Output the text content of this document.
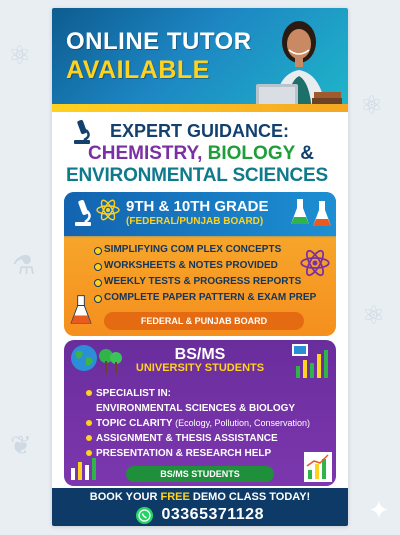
⚛
⚛
⚗
⚛
❦
✦
ONLINE TUTOR
AVAILABLE
EXPERT GUIDANCE:
CHEMISTRY, BIOLOGY &
ENVIRONMENTAL SCIENCES
9TH & 10TH GRADE
(FEDERAL/PUNJAB BOARD)
SIMPLIFYING COM PLEX CONCEPTS
WORKSHEETS & NOTES PROVIDED
WEEKLY TESTS & PROGRESS REPORTS
COMPLETE PAPER PATTERN & EXAM PREP
FEDERAL & PUNJAB BOARD
BS/MS
UNIVERSITY STUDENTS
SPECIALIST IN:
ENVIRONMENTAL SCIENCES & BIOLOGY
TOPIC CLARITY (Ecology, Pollution, Conservation)
ASSIGNMENT & THESIS ASSISTANCE
PRESENTATION & RESEARCH HELP
BS/MS STUDENTS
BOOK YOUR FREE DEMO CLASS TODAY!
03365371128
